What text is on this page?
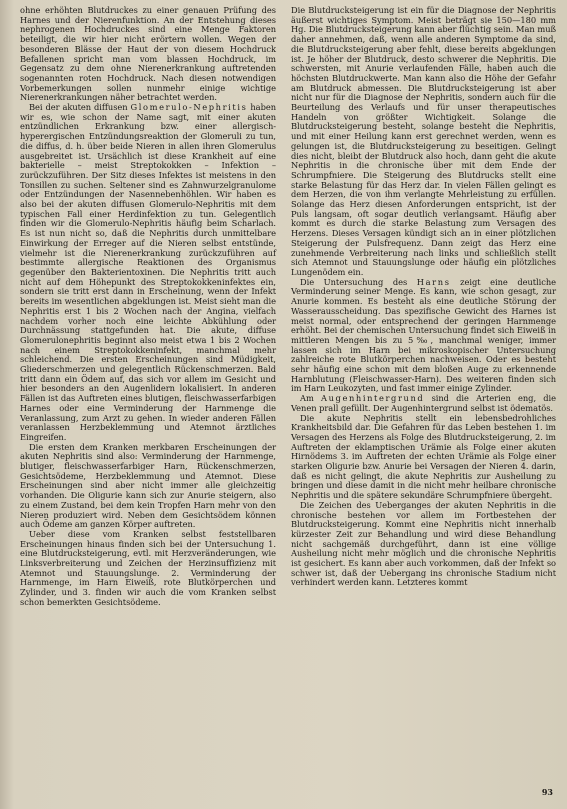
ohne erhöhten Blutdruckes zu einer genauen Prüfung des Harnes und der Nierenfunktion. An der Entstehung dieses nephrogenen Hochdruckes sind eine Menge Faktoren beteiligt, die wir hier nicht erörtern wollen. Wegen der besonderen Blässe der Haut der von diesem Hochdruck Befallenen spricht man vom blassen Hochdruck, im Gegensatz zu dem ohne Nierenerkrankung auftretenden sogenannten roten Hochdruck. Nach diesen notwendigen Vorbemerkungen sollen nunmehr einige wichtige Nierenerkrankungen näher betrachtet werden.

Bei der akuten diffusen Glomerulo-Nephritis haben wir es, wie schon der Name sagt, mit einer akuten entzündlichen Erkrankung bzw. einer allergisch-hyperergischen Entzündungsreaktion der Glomeruli zu tun, die diffus, d. h. über beide Nieren in allen ihren Glomerulus ausgebreitet ist. Ursächlich ist diese Krankheit auf eine bakterielle – meist Streptokokken – Infektion – zurückzuführen. Der Sitz dieses Infektes ist meistens in den Tonsillen zu suchen. Seltener sind es Zahnwurzelgranulome oder Entzündungen der Nasennebenhöhlen. Wir haben es also bei der akuten diffusen Glomerulo-Nephritis mit dem typischen Fall einer Herdinfektion zu tun. Gelegentlich finden wir die Glomerulo-Nephritis häufig beim Scharlach. Es ist nun nicht so, daß die Nephritis durch unmittelbare Einwirkung der Erreger auf die Nieren selbst entstünde, vielmehr ist die Nierenerkrankung zurückzuführen auf bestimmte allergische Reaktionen des Organismus gegenüber den Bakterientoxinen. Die Nephritis tritt auch nicht auf dem Höhepunkt des Streptokokkeninfektes ein, sondern sie tritt erst dann in Erscheinung, wenn der Infekt bereits im wesentlichen abgeklungen ist. Meist sieht man die Nephritis erst 1 bis 2 Wochen nach der Angina, vielfach nachdem vorher noch eine leichte Abkühlung oder Durchnässung stattgefunden hat. Die akute, diffuse Glomerulonephritis beginnt also meist etwa 1 bis 2 Wochen nach einem Streptokokkeninfekt, manchmal mehr schleichend. Die ersten Erscheinungen sind Müdigkeit, Gliederschmerzen und gelegentlich Rückenschmerzen. Bald tritt dann ein Ödem auf, das sich vor allem im Gesicht und hier besonders an den Augenlidern lokalisiert. In anderen Fällen ist das Auftreten eines blutigen, fleischwasserfarbigen Harnes oder eine Verminderung der Harnmenge die Veranlassung, zum Arzt zu gehen. In wieder anderen Fällen veranlassen Herzbeklemmung und Atemnot ärztliches Eingreifen.

Die ersten dem Kranken merkbaren Erscheinungen der akuten Nephritis sind also: Verminderung der Harnmenge, blutiger, fleischwasserfarbiger Harn, Rückenschmerzen, Gesichtsödeme, Herzbeklemmung und Atemnot. Diese Erscheinungen sind aber nicht immer alle gleichzeitig vorhanden. Die Oligurie kann sich zur Anurie steigern, also zu einem Zustand, bei dem kein Tropfen Harn mehr von den Nieren produziert wird. Neben dem Gesichtsödem können auch Ödeme am ganzen Körper auftreten.

Ueber diese vom Kranken selbst feststellbaren Erscheinungen hinaus finden sich bei der Untersuchung 1. eine Blutdrucksteigerung, evtl. mit Herzveränderungen, wie Linksverbreiterung und Zeichen der Herzinsuffizienz mit Atemnot und Stauungslunge. 2. Verminderung der Harnmenge, im Harn Eiweiß, rote Blutkörperchen und Zylinder, und 3. finden wir auch die vom Kranken selbst schon bemerkten Gesichtsödeme.

Die Blutdrucksteigerung ist ein für die Diagnose der Nephritis äußerst wichtiges Symptom. Meist beträgt sie 150—180 mm Hg. Die Blutdrucksteigerung kann aber flüchtig sein. Man muß daher annehmen, daß, wenn alle anderen Symptome da sind, die Blutdrucksteigerung aber fehlt, diese bereits abgeklungen ist. Je höher der Blutdruck, desto schwerer die Nephritis. Die schwersten, mit Anurie verlaufenden Fälle, haben auch die höchsten Blutdruckwerte. Man kann also die Höhe der Gefahr am Blutdruck abmessen. Die Blutdrucksteigerung ist aber nicht nur für die Diagnose der Nephritis, sondern auch für die Beurteilung des Verlaufs und für unser therapeutisches Handeln von größter Wichtigkeit. Solange die Blutdrucksteigerung besteht, solange besteht die Nephritis, und mit einer Heilung kann erst gerechnet werden, wenn es gelungen ist, die Blutdrucksteigerung zu beseitigen. Gelingt dies nicht, bleibt der Blutdruck also hoch, dann geht die akute Nephritis in die chronische über mit dem Ende der Schrumpfniere. Die Steigerung des Blutdrucks stellt eine starke Belastung für das Herz dar. In vielen Fällen gelingt es dem Herzen, die von ihm verlangte Mehrleistung zu erfüllen. Solange das Herz diesen Anforderungen entspricht, ist der Puls langsam, oft sogar deutlich verlangsamt. Häufig aber kommt es durch die starke Belastung zum Versagen des Herzens. Dieses Versagen kündigt sich an in einer plötzlichen Steigerung der Pulsfrequenz. Dann zeigt das Herz eine zunehmende Verbreiterung nach links und schließlich stellt sich Atemnot und Stauungslunge oder häufig ein plötzliches Lungenödem ein.

Die Untersuchung des Harns zeigt eine deutliche Verminderung seiner Menge. Es kann, wie schon gesagt, zur Anurie kommen. Es besteht als eine deutliche Störung der Wasserausscheidung. Das spezifische Gewicht des Harnes ist meist normal, oder entsprechend der geringen Harnmenge erhöht. Bei der chemischen Untersuchung findet sich Eiweiß in mittleren Mengen bis zu 5‰, manchmal weniger, immer lassen sich im Harn bei mikroskopischer Untersuchung zahlreiche rote Blutkörperchen nachweisen. Oder es besteht sehr häufig eine schon mit dem bloßen Auge zu erkennende Harnblutung (Fleischwasser-Harn). Des weiteren finden sich im Harn Leukozyten, und fast immer einige Zylinder.

Am Augenhintergrund sind die Arterien eng, die Venen prall gefüllt. Der Augenhintergrund selbst ist ödematös.

Die akute Nephritis stellt ein lebensbedrohliches Krankheitsbild dar. Die Gefahren für das Leben bestehen 1. im Versagen des Herzens als Folge des Blutdrucksteigerung, 2. im Auftreten der eklamptischen Urämie als Folge einer akuten Hirnödems 3. im Auftreten der echten Urämie als Folge einer starken Oligurie bzw. Anurie bei Versagen der Nieren 4. darin, daß es nicht gelingt, die akute Nephritis zur Ausheilung zu bringen und diese damit in die nicht mehr heilbare chronische Nephritis und die spätere sekundäre Schrumpfniere übergeht.

Die Zeichen des Ueberganges der akuten Nephritis in die chronische bestehen vor allem im Fortbestehen der Blutdrucksteigerung. Kommt eine Nephritis nicht innerhalb kürzester Zeit zur Behandlung und wird diese Behandlung nicht sachgemäß durchgeführt, dann ist eine völlige Ausheilung nicht mehr möglich und die chronische Nephritis ist gesichert. Es kann aber auch vorkommen, daß der Infekt so schwer ist, daß der Uebergang ins chronische Stadium nicht verhindert werden kann. Letzteres kommt

93
